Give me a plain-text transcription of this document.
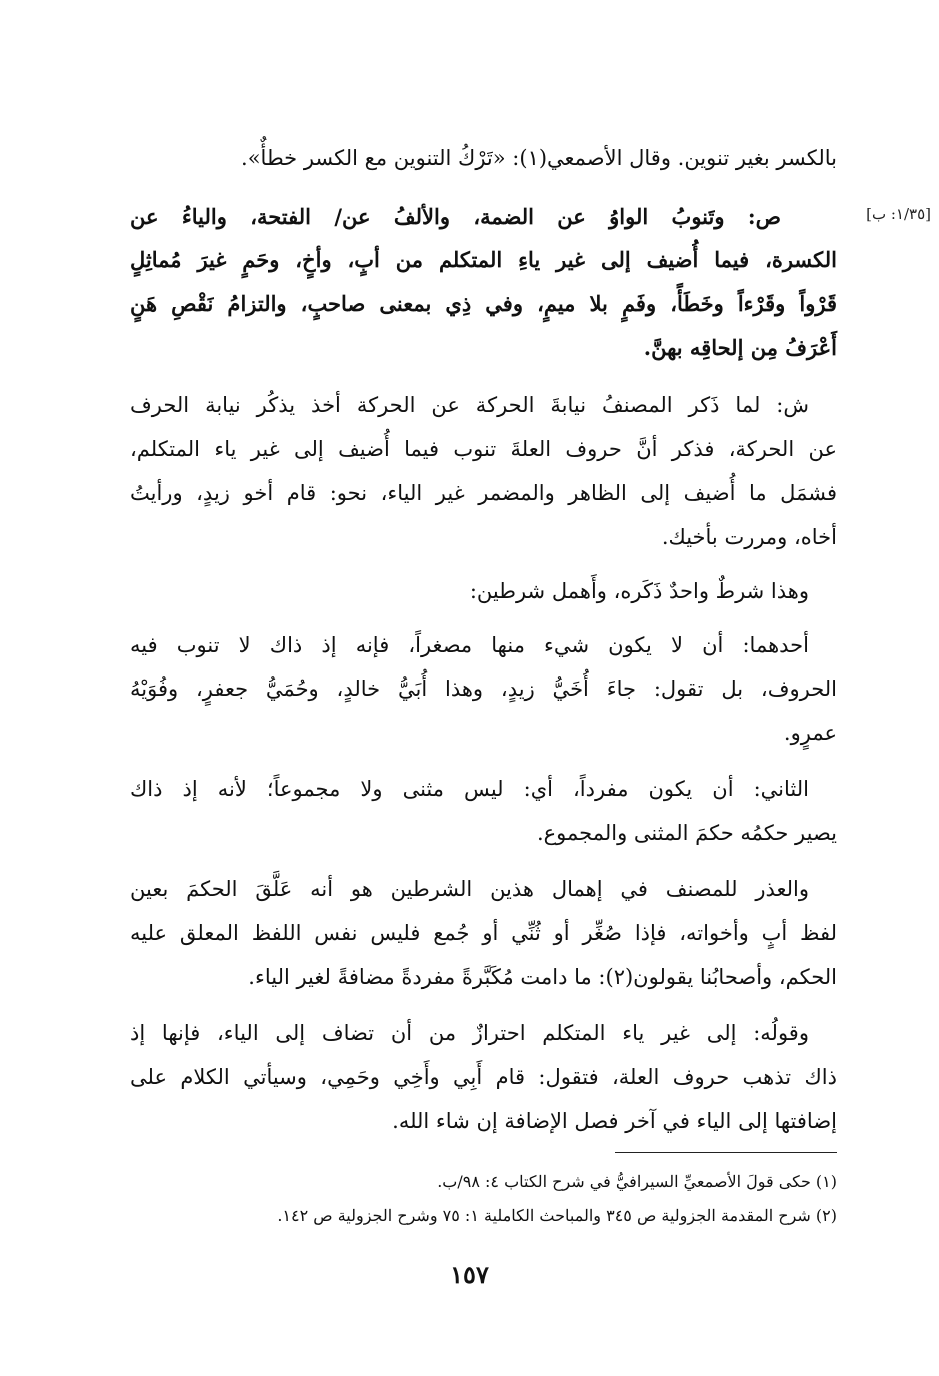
بالكسر بغير تنوين. وقال الأصمعي(١): «تَرْكُ التنوين مع الكسر خطأٌ».
ص: وتَنوبُ الواوُ عن الضمة، والألفُ عن/ الفتحة، والياءُ عن	[١/٣٥: ب]
الكسرة، فيما أُضيف إلى غير ياءِ المتكلم من أبٍ، وأخٍ، وحَمٍ غيرَ مُماثِلٍ
قَرْواً وقَرْءاً وخَطَأً، وفَمٍ بلا ميمٍ، وفي ذِي بمعنى صاحبٍ، والتزامُ نَقْصِ هَنٍ
أَعْرَفُ مِن إلحاقِه بهنَّ.
ش: لما ذَكر المصنفُ نيابةَ الحركة عن الحركة أخذ يذكُر نيابة الحرف
عن الحركة، فذكر أنَّ حروف العلةَ تنوب فيما أُضيف إلى غير ياء المتكلم،
فشمَل ما أُضيف إلى الظاهر والمضمر غير الياء، نحو: قام أخو زيدٍ، ورأيتُ
أخاه، ومررت بأخيك.
وهذا شرطٌ واحدٌ ذَكَره، وأَهمل شرطين:
أحدهما: أن لا يكون شيء منها مصغراً، فإنه إذ ذاك لا تنوب فيه
الحروف، بل تقول: جاءَ أُخَيُّ زيدٍ، وهذا أُبَيُّ خالدٍ، وحُمَيُّ جعفرٍ، وفُوَيْهُ
عمرٍو.
الثاني: أن يكون مفرداً، أي: ليس مثنى ولا مجموعاً؛ لأنه إذ ذاك
يصير حكمُه حكمَ المثنى والمجموع.
والعذر للمصنف في إهمال هذين الشرطين هو أنه عَلَّقَ الحكمَ بعين
لفظ أبٍ وأخواته، فإذا صُغِّر أو ثُنِّي أو جُمع فليس نفس اللفظ المعلق عليه
الحكم، وأصحابُنا يقولون(٢): ما دامت مُكَبَّرةً مفردةً مضافةً لغير الياء.
وقولُه: إلى غير ياء المتكلم احترازٌ من أن تضاف إلى الياء، فإنها إذ
ذاك تذهب حروف العلة، فتقول: قام أَبِي وأَخِي وحَمِي، وسيأتي الكلام على
إضافتها إلى الياء في آخر فصل الإضافة إن شاء الله.
(١) حكى قولَ الأصمعيِّ السيرافيُّ في شرح الكتاب ٤: ٩٨/ب.
(٢) شرح المقدمة الجزولية ص ٣٤٥ والمباحث الكاملية ١: ٧٥ وشرح الجزولية ص ١٤٢.
١٥٧
